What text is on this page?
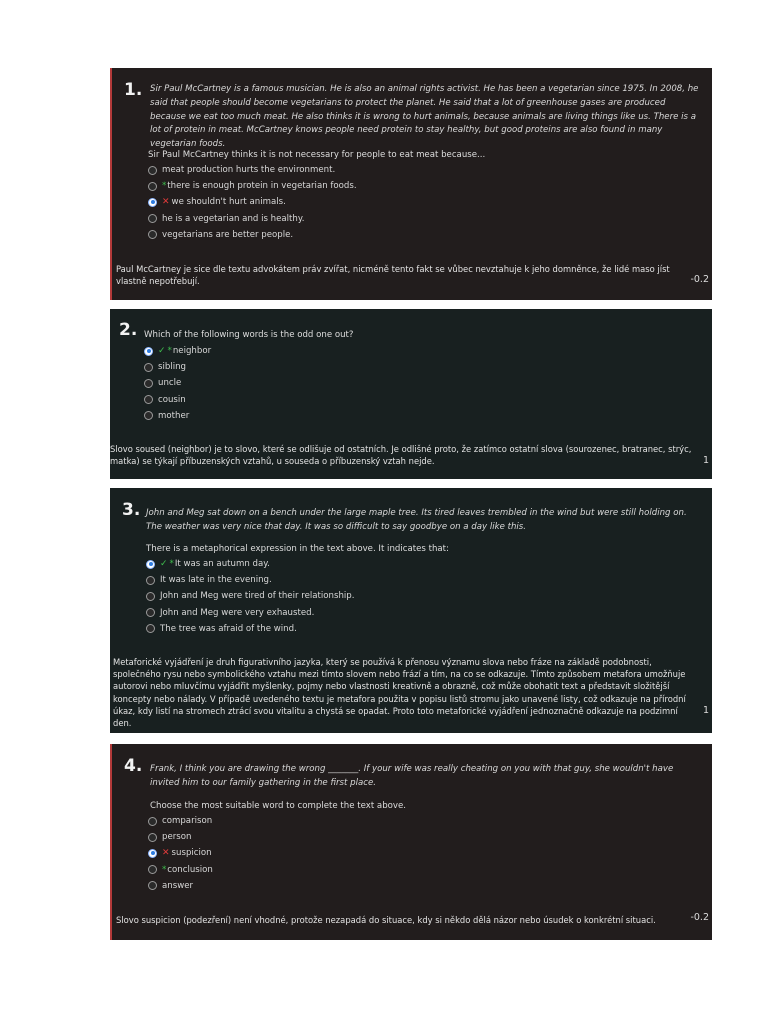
1. Sir Paul McCartney is a famous musician. He is also an animal rights activist. He has been a vegetarian since 1975. In 2008, he said that people should become vegetarians to protect the planet. He said that a lot of greenhouse gases are produced because we eat too much meat. He also thinks it is wrong to hurt animals, because animals are living things like us. There is a lot of protein in meat. McCartney knows people need protein to stay healthy, but good proteins are also found in many vegetarian foods.
Sir Paul McCartney thinks it is not necessary for people to eat meat because...
meat production hurts the environment.
* there is enough protein in vegetarian foods.
✕ we shouldn't hurt animals.
he is a vegetarian and is healthy.
vegetarians are better people.
Paul McCartney je sice dle textu advokátem práv zvířat, nicméně tento fakt se vůbec nevztahuje k jeho domněnce, že lidé maso jíst vlastně nepotřebují.	-0.2
2. Which of the following words is the odd one out?
✓ * neighbor
sibling
uncle
cousin
mother
Slovo soused (neighbor) je to slovo, které se odlišuje od ostatních. Je odlišné proto, že zatímco ostatní slova (sourozenec, bratranec, strýc, matka) se týkají příbuzenských vztahů, u souseda o příbuzenský vztah nejde.	1
3. John and Meg sat down on a bench under the large maple tree. Its tired leaves trembled in the wind but were still holding on. The weather was very nice that day. It was so difficult to say goodbye on a day like this.
There is a metaphorical expression in the text above. It indicates that:
✓ * It was an autumn day.
It was late in the evening.
John and Meg were tired of their relationship.
John and Meg were very exhausted.
The tree was afraid of the wind.
Metaforické vyjádření je druh figurativního jazyka, který se používá k přenosu významu slova nebo fráze na základě podobnosti, společného rysu nebo symbolického vztahu mezi tímto slovem nebo frází a tím, na co se odkazuje. Tímto způsobem metafora umožňuje autorovi nebo mluvčímu vyjádřit myšlenky, pojmy nebo vlastnosti kreativně a obrazně, což může obohatit text a představit složitější koncepty nebo nálady. V případě uvedeného textu je metafora použita v popisu listů stromu jako unavené listy, což odkazuje na přírodní úkaz, kdy listí na stromech ztrácí svou vitalitu a chystá se opadat. Proto toto metaforické vyjádření jednoznačně odkazuje na podzimní den.
1
4. Frank, I think you are drawing the wrong _______. If your wife was really cheating on you with that guy, she wouldn't have invited him to our family gathering in the first place.
Choose the most suitable word to complete the text above.
comparison
person
✕ suspicion
* conclusion
answer
Slovo suspicion (podezření) není vhodné, protože nezapadá do situace, kdy si někdo dělá názor nebo úsudek o konkrétní situaci.	-0.2
